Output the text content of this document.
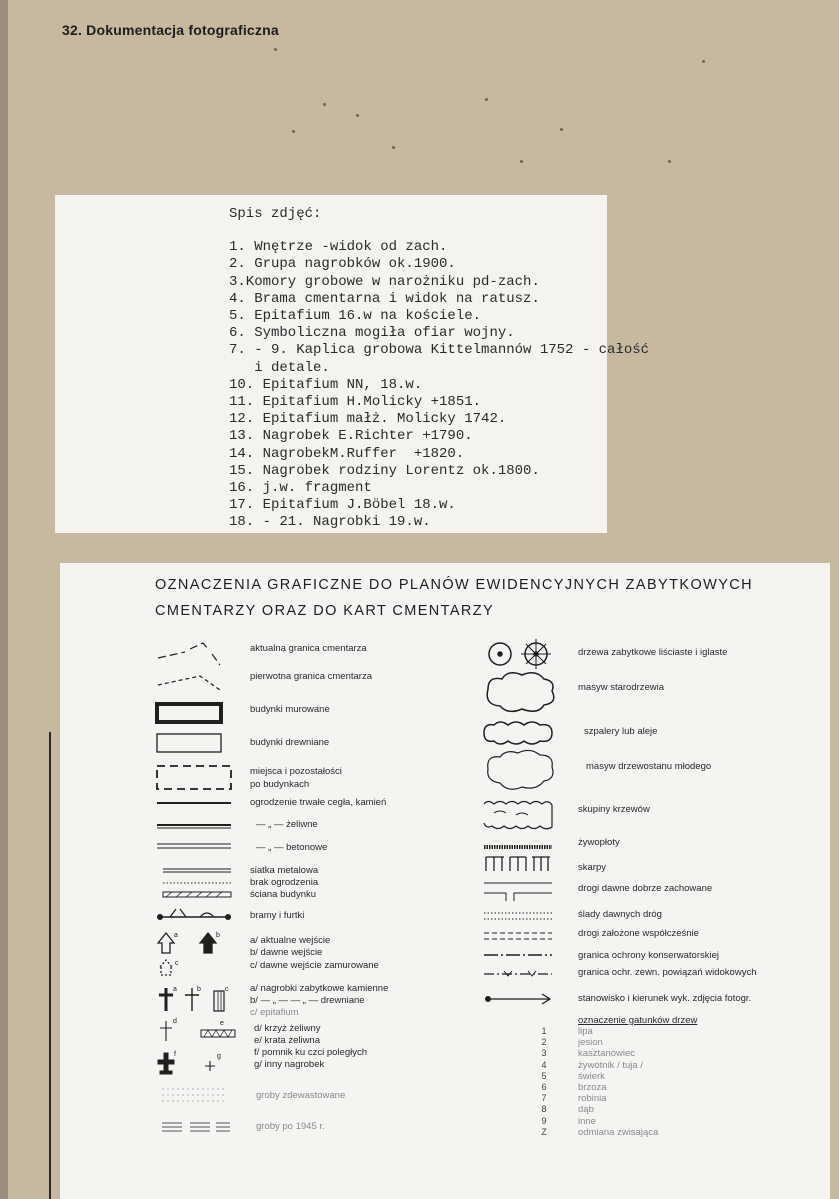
32. Dokumentacja fotograficzna
Spis zdjęć:
1. Wnętrze -widok od zach.
2. Grupa nagrobków ok.1900.
3.Komory grobowe w narożniku pd-zach.
4. Brama cmentarna i widok na ratusz.
5. Epitafium 16.w na kościele.
6. Symboliczna mogiła ofiar wojny.
7. - 9. Kaplica grobowa Kittelmannów 1752 - całość
i detale.
10. Epitafium NN, 18.w.
11. Epitafium H.Molicky +1851.
12. Epitafium małż. Molicky 1742.
13. Nagrobek E.Richter +1790.
14. NagrobekM.Ruffer  +1820.
15. Nagrobek rodziny Lorentz ok.1800.
16. j.w. fragment
17. Epitafium J.Böbel 18.w.
18. - 21. Nagrobki 19.w.
OZNACZENIA GRAFICZNE DO PLANÓW EWIDENCYJNYCH ZABYTKOWYCH
CMENTARZY ORAZ DO KART CMENTARZY
a	b
c
a	b	c
d	e
f	g
aktualna granica cmentarza
pierwotna granica cmentarza
budynki murowane
budynki drewniane
miejsca i pozostałości
po budynkach
ogrodzenie trwałe cegła, kamień
— „ — żeliwne
— „ — betonowe
siatka metalowa
brak ogrodzenia
ściana budynku
bramy i furtki
a/ aktualne wejście
b/ dawne wejście
c/ dawne wejście zamurowane
a/ nagrobki zabytkowe kamienne
b/ — „ — — „ — drewniane
c/ epitafium
d/ krzyż żeliwny
e/ krata żeliwna
f/ pomnik ku czci poległych
g/ inny nagrobek
groby zdewastowane
groby po 1945 r.
drzewa zabytkowe liściaste i iglaste
masyw starodrzewia
szpalery lub aleje
masyw drzewostanu młodego
skupiny krzewów
żywopłoty
skarpy
drogi dawne dobrze zachowane
ślady dawnych dróg
drogi założone współcześnie
granica ochrony konserwatorskiej
granica ochr. zewn. powiązań widokowych
stanowisko i kierunek wyk. zdjęcia fotogr.
oznaczenie gatunków drzew
1	lipa
2	jesion
3	kasztanowiec
4	żywotnik / tuja /
5	świerk
6	brzoza
7	robinia
8	dąb
9	inne
Z	odmiana zwisająca
